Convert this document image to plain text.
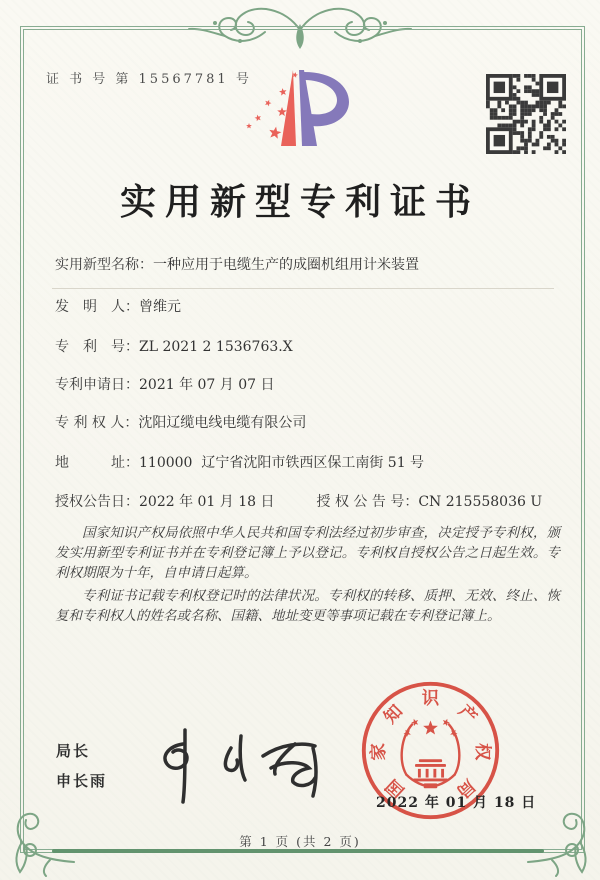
证 书 号 第 15567781 号
实用新型专利证书
实用新型名称： 一种应用于电缆生产的成圈机组用计米装置
发　明　人： 曾维元
专　利　号： ZL 2021 2 1536763.X
专利申请日： 2021 年 07 月 07 日
专 利 权 人： 沈阳辽缆电线电缆有限公司
地　　　址： 110000  辽宁省沈阳市铁西区保工南街 51 号
授权公告日： 2022 年 01 月 18 日	授 权 公 告 号： CN 215558036 U

国家知识产权局依照中华人民共和国专利法经过初步审查，决定授予专利权，颁发实用新型专利证书并在专利登记簿上予以登记。专利权自授权公告之日起生效。专利权期限为十年，自申请日起算。

专利证书记载专利权登记时的法律状况。专利权的转移、质押、无效、终止、恢复和专利权人的姓名或名称、国籍、地址变更等事项记载在专利登记簿上。

局长
申长雨	国
家
知
识
产
权
局
2022 年 01 月 18 日
第 1 页 (共 2 页)
